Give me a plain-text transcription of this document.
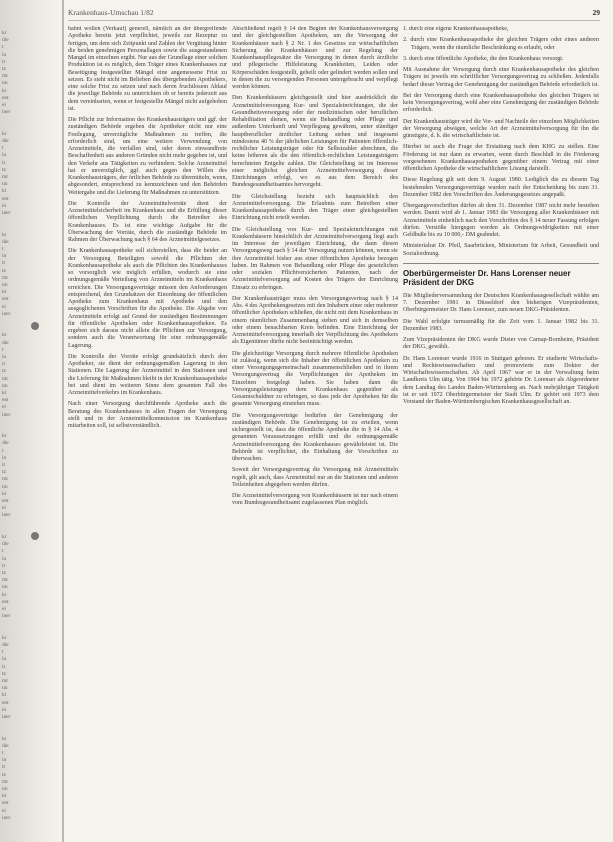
kr
die
t
in
it
tz
mt
nn
kt
ent
ei
iner
kr
die
t
in
it
tz
mt
nn
kt
ent
ei
iner
kr
die
t
in
it
tz
mt
nn
kt
ent
ei
iner
kr
die
t
in
it
tz
mt
nn
kt
ent
ei
iner
kr
die
t
in
it
tz
mt
nn
kt
ent
ei
iner
kr
die
t
in
it
tz
mt
nn
kt
ent
ei
iner
kr
die
t
in
it
tz
mt
nn
kt
ent
ei
iner
kr
die
t
in
it
tz
mt
nn
kt
ent
ei
iner
Krankenhaus-Umschau 1/82	29

bahnt wollen (Verkauf) generell, nämlich an der übergreifende Apotheke bereits jetzt verpflichtet, jeweils zur Rezeptur zu fertigen, um dem sich Zeitpunkt und Zahlen der Vergütung hinter die beiden genehmigen Personallagen sowie die ausgestandenen Mangel im einzelnen ergibt. Nur aus der Grundlage einer solchen Produktion ist es möglich, dem Träger eines Krankenhauses zur Beseitigung festgestellter Mängel eine angemessene Frist zu setzen. Es steht nicht im Belieben des übergebenden Apothekers, eine solche Frist zu setzen und nach deren fruchtlosem Ablauf die jeweilige Behörde zu unterrichten ob er bereits jederzeit aus dem vereinbarten, wenn er festgestellte Mängel nicht aufgehoben ist.

Die Pflicht zur Information des Krankenhausträgers und ggf. der zuständigen Behörde ergeben die Apotheker nicht nur eine Festlegung, unverzügliche Maßnahmen zu treffen, die erforderlich sind, um eine weitere Verwendung von Arzneimitteln, die verfallen sind, oder deren einwandfreie Beschaffenheit aus anderen Gründen nicht mehr gegeben ist, und den Verkehr aus Tätigkeiten zu verhindern. Solche Arzneimittel hat er unverzüglich, ggf. auch gegen den Willen des Krankenhausträgers, der örtlichen Behörde zu übermitteln, wenn, abgesondert, entsprechend zu kennzeichnen und den Behörden Weitergabe und die Lieferung für Maßnahmen zu unterstützen.

Die Kontrolle der Arzneimittelvorräte dient der Arzneimittelsicherheit im Krankenhaus und die Erfüllung dieser öffentlichen Verpflichtung durch die Betreiber des Krankenhauses. Es ist eine wichtige Aufgabe für die Überwachung der Vorräte, durch die zuständige Behörde im Rahmen der Überwachung nach § 64 des Arzneimittelgesetzes.

Die Krankenhausapotheke soll sicherstellen, dass die beider an der Versorgung Beteiligten sowohl die Pflichten der Krankenhausapotheke als auch die Pflichten des Krankenhauses so vorsorglich wie möglich erfüllen, wodurch sie eine ordnungsgemäße Verteilung von Arzneimitteln im Krankenhaus erreichen. Die Versorgungsverträge müssen den Anforderungen entsprechend, den Grundsätzen der Einordnung der öffentlichen Apotheke zum Krankenhaus mit Apotheke und den ausgeglichenen Vorschriften für die Apotheke. Die Abgabe von Arzneimitteln erfolgt auf Grund der zuständigen Bestimmungen für öffentliche Apotheken oder Krankenhausapotheken. Es ergeben sich daraus nicht allein die Pflichten zur Versorgung, sondern auch die Verantwortung für eine ordnungsgemäße Lagerung.

Die Kontrolle der Vorräte erfolgt grundsätzlich durch den Apotheker, sie dient der ordnungsgemäßen Lagerung in den Stationen. Die Lagerung der Arzneimittel in den Stationen und die Lieferung für Maßnahmen bleibt in der Krankenhausapotheke bei und dient im weiteren Sinne dem gesamten Fall des Arzneimittelverkehrs im Krankenhaus.

Nach einer Versorgung durchführende Apotheke auch die Beratung des Krankenhauses in allen Fragen der Versorgung stellt und in der Arzneimittelkommission im Krankenhaus mitarbeiten soll, ist selbstverständlich.

Abschließend regelt § 14 den Beginn der Krankenhausversorgung und der gleichgestellten Apotheken, um die Versorgung der Krankenhäuser nach § 2 Nr. 1 des Gesetzes zur wirtschaftlichen Sicherung der Krankenhäuser und zur Regelung der Krankenhauspflegesätze die Versorgung in denen durch ärztliche und pflegerische Hilfeleistung Krankheiten, Leiden oder Körperschäden festgestellt, geheilt oder gelindert werden sollen und in denen die zu versorgenden Personen untergebracht und verpflegt werden können.

Den Krankenhäusern gleichgestellt sind hier ausdrücklich die Arzneimittelversorgung Kur- und Spezialeinrichtungen, die der Gesundheitsversorgung oder der medizinischen oder beruflichen Rehabilitation dienen, wenn sie Behandlung oder Pflege und außerdem Unterkunft und Verpflegung gewähren, unter ständiger hauptberuflicher ärztlicher Leitung stehen und insgesamt mindestens 40 % der jährlichen Leistungen für Patienten öffentlich-rechtlicher Leistungsträger oder für Selbstzahler abrechnen, die keine höheren als die den öffentlich-rechtlichen Leistungsträgern berechneten Entgelte zahlen. Die Gleichstellung ist im Interesse einer möglichst gleichen Arzneimittelversorgung dieser Einrichtungen erfolgt, wo es aus dem Bereich des Bundesgesundheitsamtes hervorgeht.

Die Gleichstellung bezieht sich hauptsächlich den Arzneimittelversorgung. Die Erlaubnis zum Betreiben einer Krankenhausapotheke durch den Träger einer gleichgestellten Einrichtung nicht erteilt werden.

Die Gleichstellung von Kur- und Spezialeinrichtungen mit Krankenhäusern hinsichtlich der Arzneimittelversorgung liegt auch im Interesse der jeweiligen Einrichtung, die dann diesen Versorgungsweg nach § 14 der Versorgung nutzen können, wenn sie ihre Arzneimittel bisher aus einer öffentlichen Apotheke bezogen haben. Im Rahmen von Behandlung oder Pflege des gesetzlichen oder sozialen Pflichtversicherten Patienten, nach der Arzneimittelversorgung auf Kosten des Trägers der Einrichtung Einsatz zu erbringen.

Der Krankenhausträger muss den Versorgungsvertrag nach § 14 Abs. 4 des Apothekengesetzes mit den Inhabern einer oder mehrerer öffentlicher Apotheken schließen, die nicht mit dem Krankenhaus in einem räumlichen Zusammenhang stehen und sich in demselben oder einem benachbarten Kreis befinden. Eine Einrichtung der Arzneimittelversorgung innerhalb der Verpflichtung des Apothekers als Eigentümer dürfte nicht beeinträchtigt werden.

Die gleichzeitige Versorgung durch mehrere öffentliche Apotheken ist zulässig, wenn sich die Inhaber der öffentlichen Apotheken zu einer Versorgungsgemeinschaft zusammenschließen und in ihrem Versorgungsvertrag die Verpflichtungen der Apotheken im Einzelnen festgelegt haben. Sie haben dann die Versorgungsleistungen dem Krankenhaus gegenüber als Gesamtschuldner zu erbringen, so dass jede der Apotheken für die gesamte Versorgung einstehen muss.

Die Versorgungsverträge bedürfen der Genehmigung der zuständigen Behörde. Die Genehmigung ist zu erteilen, wenn sichergestellt ist, dass die öffentliche Apotheke die in § 14 Abs. 4 genannten Voraussetzungen erfüllt und die ordnungsgemäße Arzneimittelversorgung des Krankenhauses gewährleistet ist. Die Behörde ist verpflichtet, die Einhaltung der Vorschriften zu überwachen.

Soweit der Versorgungsvertrag die Versorgung mit Arzneimitteln regelt, gilt auch, dass Arzneimittel nur an die Stationen und anderen Teileinheiten abgegeben werden dürfen.

Die Arzneimittelversorgung von Krankenhäusern ist nur nach einem vom Bundesgesundheitsamt zugelassenen Plan möglich.

1. durch eine eigene Krankenhausapotheke,

2. durch eine Krankenhausapotheke der gleichen Trägers oder eines anderen Trägers, wenn die räumliche Beschränkung es erlaubt, oder

3. durch eine öffentliche Apotheke, die den Krankenhaus versorgt.

Mit Ausnahme der Versorgung durch eine Krankenhausapotheke des gleichen Trägers ist jeweils ein schriftlicher Versorgungsvertrag zu schließen. Jedenfalls bedarf dieser Vertrag der Genehmigung der zuständigen Behörde erforderlich ist.

Bei der Versorgung durch eine Krankenhausapotheke des gleichen Trägers ist kein Versorgungsvertrag, wohl aber eine Genehmigung der zuständigen Behörde erforderlich.

Der Krankenhausträger wird die Vor- und Nachteile der einzelnen Möglichkeiten der Versorgung abwägen, welche Art der Arzneimittelversorgung für ihn die günstigste, d. h. die wirtschaftlichste ist.

Hierbei ist auch die Frage der Erstattung nach dem KHG zu stellen. Eine Förderung ist nur dann zu erwarten, wenn durch Beschluß in die Förderung vorgesehenen Krankenhausapotheken gegenüber einem Vertrag mit einer öffentlichen Apotheke die wirtschaftlichere Lösung darstellt.

Diese Regelung gilt seit dem 9. August 1980. Lediglich die zu diesem Tag bestehenden Versorgungsverträge wurden nach der Entscheidung bis zum 31. Dezember 1982 den Vorschriften des Änderungsgesetzes angepaßt.

Übergangsvorschriften dürfen ab dem 31. Dezember 1987 nicht mehr bestehen werden. Damit wird ab 1. Januar 1983 die Versorgung aller Krankenhäuser mit Arzneimitteln einheitlich nach den Vorschriften des § 14 neuer Fassung erfolgen dürfen. Verstöße hiergegen werden als Ordnungswidrigkeiten mit einer Geldbuße bis zu 10 000,- DM geahndet.

Ministerialrat Dr. Pfeil, Saarbrücken, Ministerium für Arbeit, Gesundheit und Sozialordnung.

Oberbürgermeister Dr. Hans Lorenser neuer Präsident der DKG

Die Mitgliederversammlung der Deutschen Krankenhausgesellschaft wählte am 7. Dezember 1981 in Düsseldorf den bisherigen Vizepräsidenten, Oberbürgermeister Dr. Hans Lorenser, zum neuen DKG-Präsidenten.

Die Wahl erfolgte turnusmäßig für die Zeit vom 1. Januar 1982 bis 31. Dezember 1983.

Zum Vizepräsidenten der DKG wurde Dieter von Carnap-Bornheim, Präsident der DKG, gewählt.

Dr. Hans Lorenser wurde 1916 in Stuttgart geboren. Er studierte Wirtschafts- und Rechtswissenschaften und promovierte zum Doktor der Wirtschaftswissenschaften. Ab April 1967 war er in der Verwaltung beim Landkreis Ulm tätig. Von 1964 bis 1972 gehörte Dr. Lorenser als Abgeordneter dem Landtag des Landes Baden-Württemberg an. Nach mehrjähriger Tätigkeit ist er seit 1972 Oberbürgermeister der Stadt Ulm. Er gehört seit 1973 dem Vorstand der Baden-Württembergischen Krankenhausgesellschaft an.
